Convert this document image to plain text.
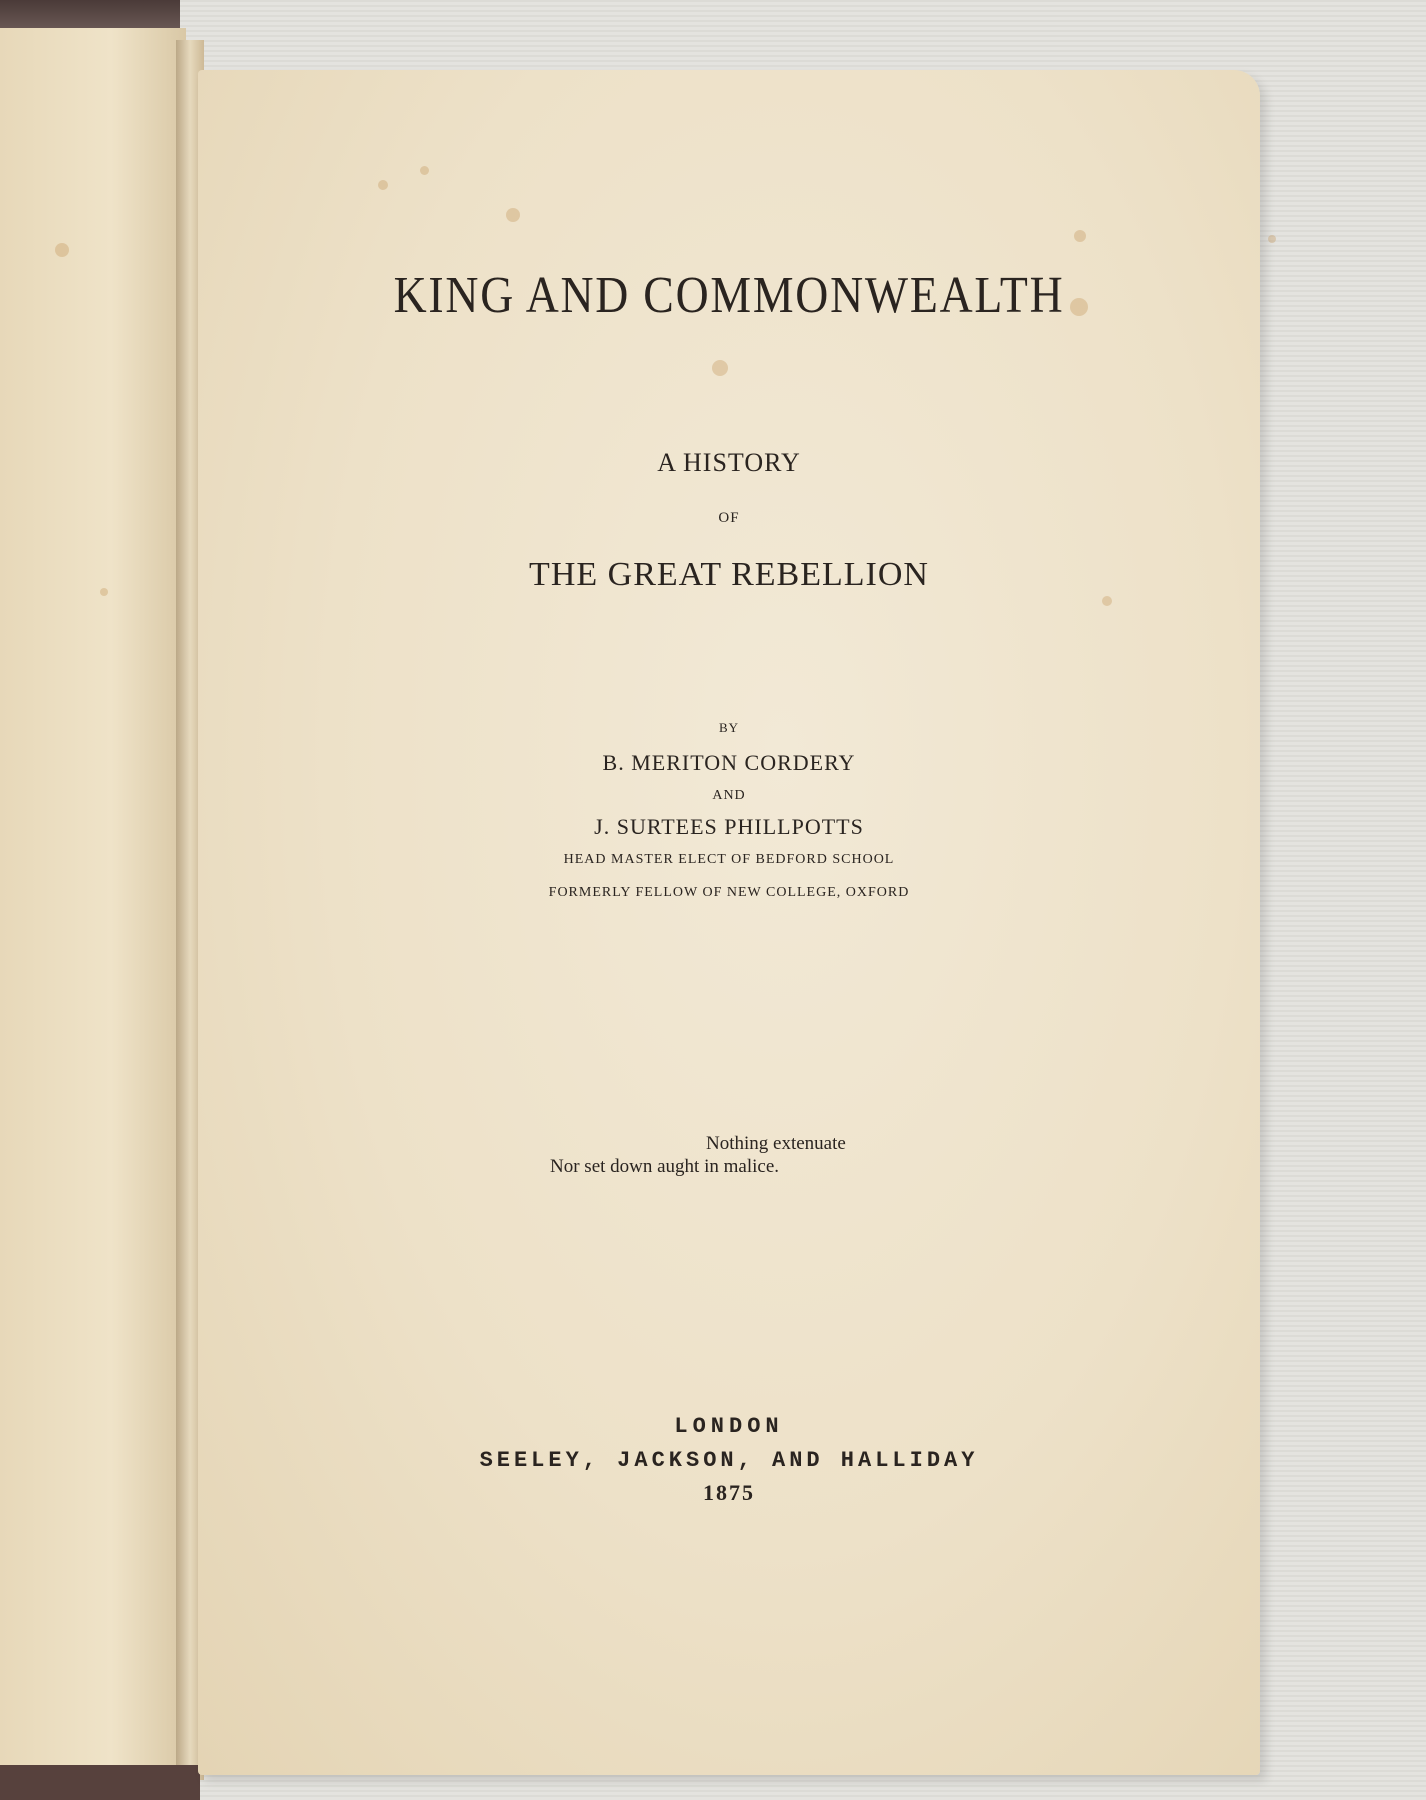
KING AND COMMONWEALTH
A HISTORY
OF
THE GREAT REBELLION
BY
B. MERITON CORDERY
AND
J. SURTEES PHILLPOTTS
HEAD MASTER ELECT OF BEDFORD SCHOOL
FORMERLY FELLOW OF NEW COLLEGE, OXFORD
Nothing extenuate
Nor set down aught in malice.
LONDON
SEELEY, JACKSON, AND HALLIDAY
1875
